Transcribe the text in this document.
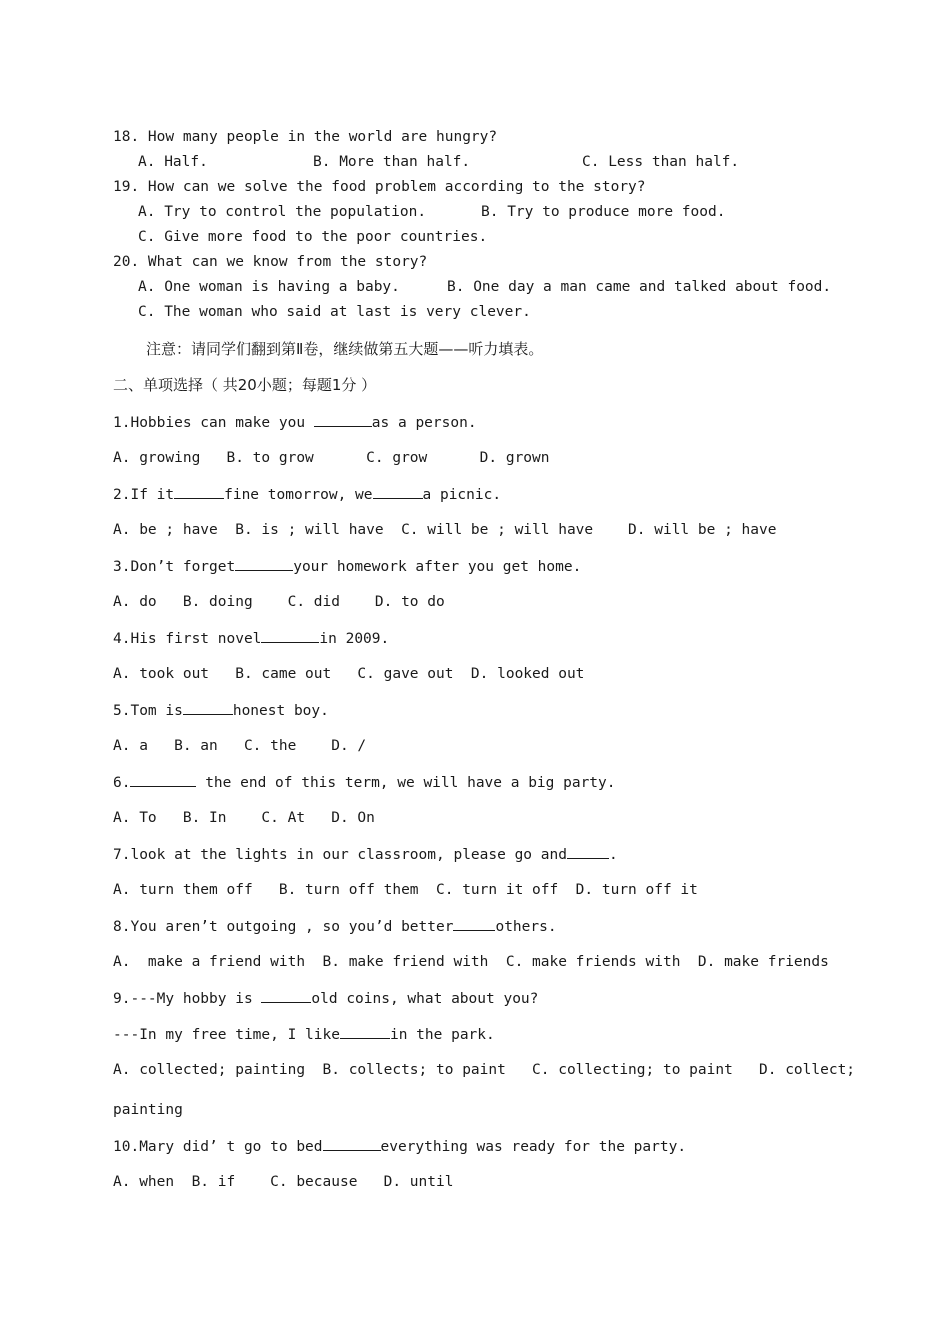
18. How many people in the world are hungry?
A. Half.	B. More than half.	C. Less than half.
19. How can we solve the food problem according to the story?
A. Try to control the population.	B. Try to produce more food.
C. Give more food to the poor countries.
20. What can we know from the story?
A. One woman is having a baby.	B. One day a man came and talked about food.
C. The woman who said at last is very clever.
注意：请同学们翻到第Ⅱ卷，继续做第五大题——听力填表。
二、单项选择（ 共20小题；每题1分 ）
1.Hobbies can make you	as a person.
A. growing   B. to grow      C. grow      D. grown
2.If it	fine tomorrow, we	a picnic.
A. be ; have  B. is ; will have  C. will be ; will have    D. will be ; have
3.Don’t forget	your homework after you get home.
A. do   B. doing    C. did    D. to do
4.His first novel	in 2009.
A. took out   B. came out   C. gave out  D. looked out
5.Tom is	honest boy.
A. a   B. an   C. the    D. /
6.	the end of this term, we will have a big party.
A. To   B. In    C. At   D. On
7.look at the lights in our classroom, please go and	.
A. turn them off   B. turn off them  C. turn it off  D. turn off it
8.You aren’t outgoing , so you’d better	others.
A.  make a friend with  B. make friend with  C. make friends with  D. make friends
9.---My hobby is	old coins, what about you?
---In my free time, I like	in the park.
A. collected; painting  B. collects; to paint   C. collecting; to paint   D. collect;
painting
10.Mary did’ t go to bed	everything was ready for the party.
A. when  B. if    C. because   D. until
